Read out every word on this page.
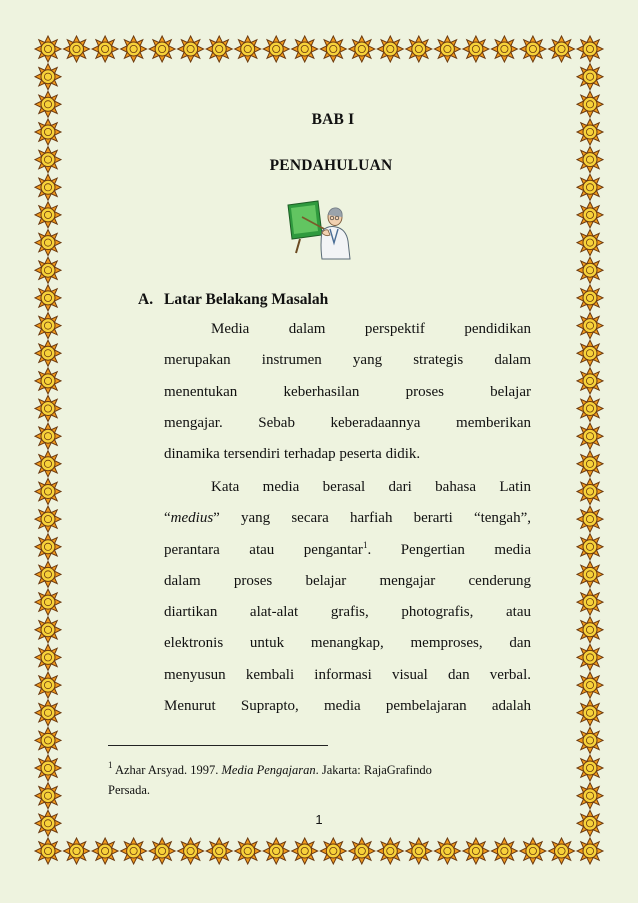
BAB I
PENDAHULUAN
A. Latar Belakang Masalah
Media dalam perspektif pendidikan
merupakan instrumen yang strategis dalam
menentukan keberhasilan proses belajar
mengajar. Sebab keberadaannya memberikan
dinamika tersendiri terhadap peserta didik.
Kata media berasal dari bahasa Latin
“medius” yang secara harfiah berarti “tengah”,
perantara atau pengantar$^1$. Pengertian media
dalam proses belajar mengajar cenderung
diartikan alat-alat grafis, photografis, atau
elektronis untuk menangkap, memproses, dan
menyusun kembali informasi visual dan verbal.
Menurut Suprapto, media pembelajaran adalah
$^1$ Azhar Arsyad. 1997. Media Pengajaran. Jakarta: RajaGrafindo
Persada.
1
